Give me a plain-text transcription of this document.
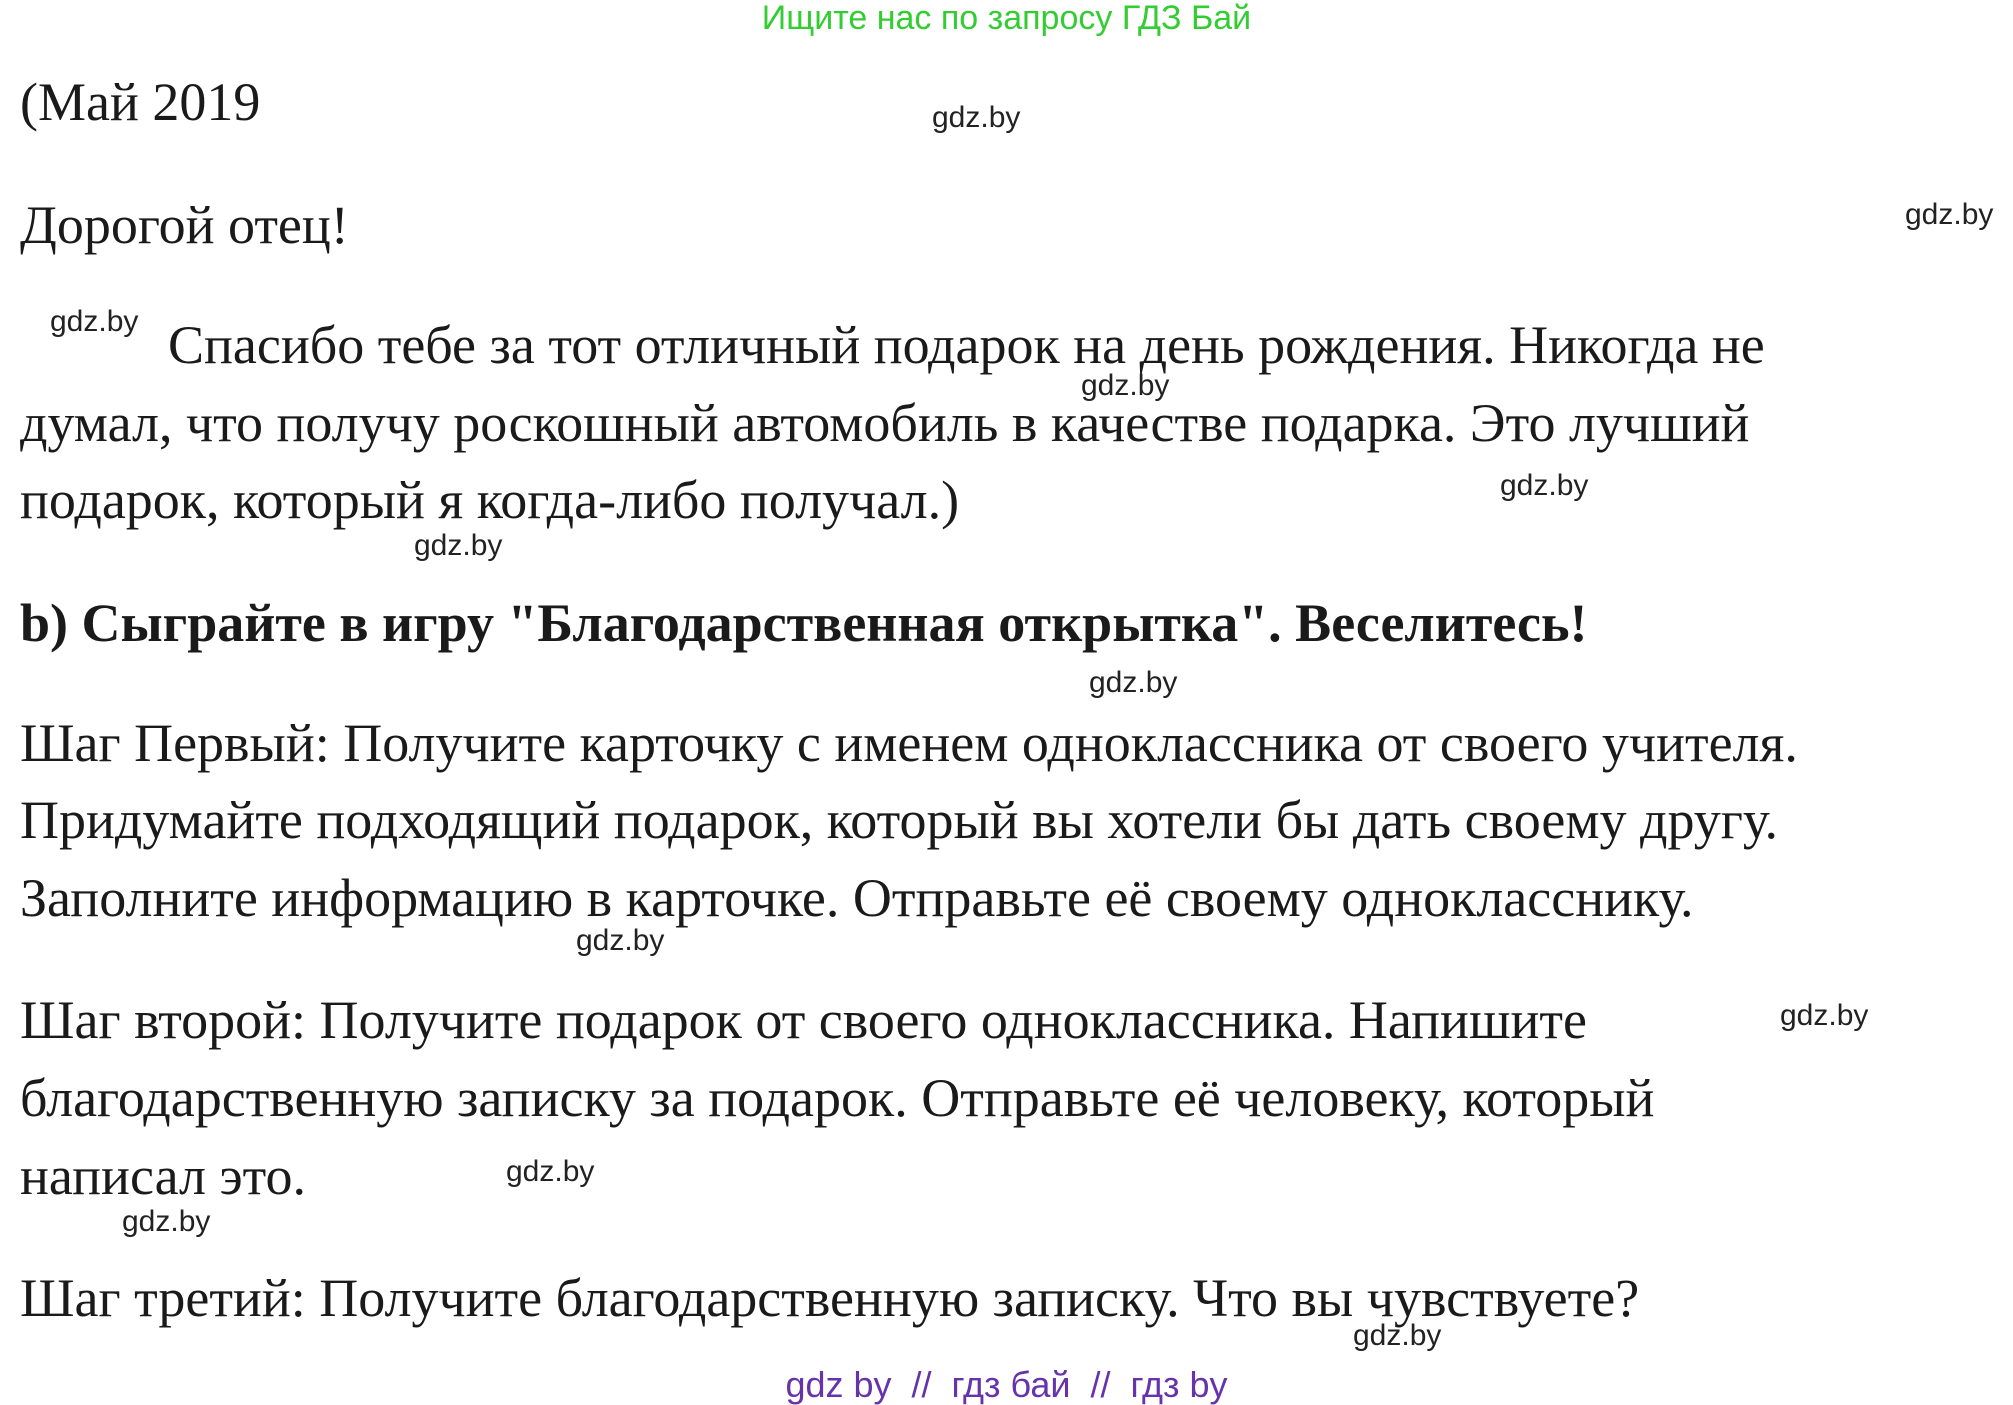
Ищите нас по запросу ГДЗ Бай
(Май 2019
Дорогой отец!
Спасибо тебе за тот отличный подарок на день рождения. Никогда не
думал, что получу роскошный автомобиль в качестве подарка. Это лучший
подарок, который я когда-либо получал.)
b) Сыграйте в игру "Благодарственная открытка". Веселитесь!
Шаг Первый: Получите карточку с именем одноклассника от своего учителя.
Придумайте подходящий подарок, который вы хотели бы дать своему другу.
Заполните информацию в карточке. Отправьте её своему однокласснику.
Шаг второй: Получите подарок от своего одноклассника. Напишите
благодарственную записку за подарок. Отправьте её человеку, который
написал это.
Шаг третий: Получите благодарственную записку. Что вы чувствуете?
gdz.by
gdz.by
gdz.by
gdz.by
gdz.by
gdz.by
gdz.by
gdz.by
gdz.by
gdz.by
gdz.by
gdz.by
gdz by  //  гдз бай  //  гдз by
